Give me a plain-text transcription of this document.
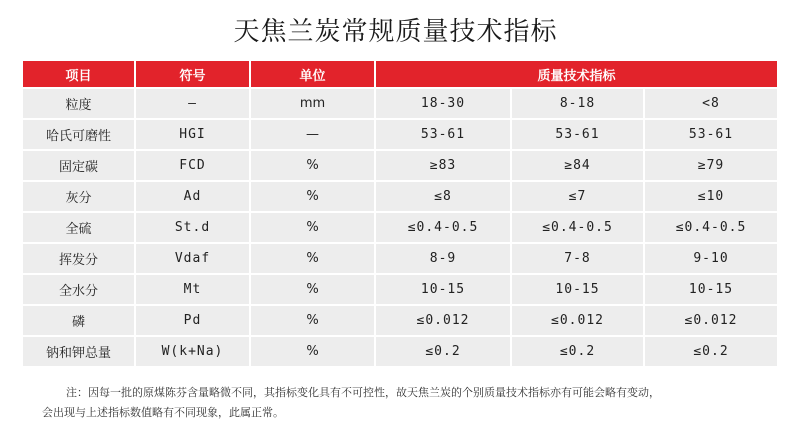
天焦兰炭常规质量技术指标
项目	符号	单位	质量技术指标		
粒度	—	mm	18-30	8-18	<8
哈氏可磨性	HGI	—	53-61	53-61	53-61
固定碳	FCD	%	≥83	≥84	≥79
灰分	Ad	%	≤8	≤7	≤10
全硫	St.d	%	≤0.4-0.5	≤0.4-0.5	≤0.4-0.5
挥发分	Vdaf	%	8-9	7-8	9-10
全水分	Mt	%	10-15	10-15	10-15
磷	Pd	%	≤0.012	≤0.012	≤0.012
钠和钾总量	W(k+Na)	%	≤0.2	≤0.2	≤0.2
注：因每一批的原煤陈芬含量略微不同，其指标变化具有不可控性，故天焦兰炭的个别质量技术指标亦有可能会略有变动，
会出现与上述指标数值略有不同现象，此属正常。
